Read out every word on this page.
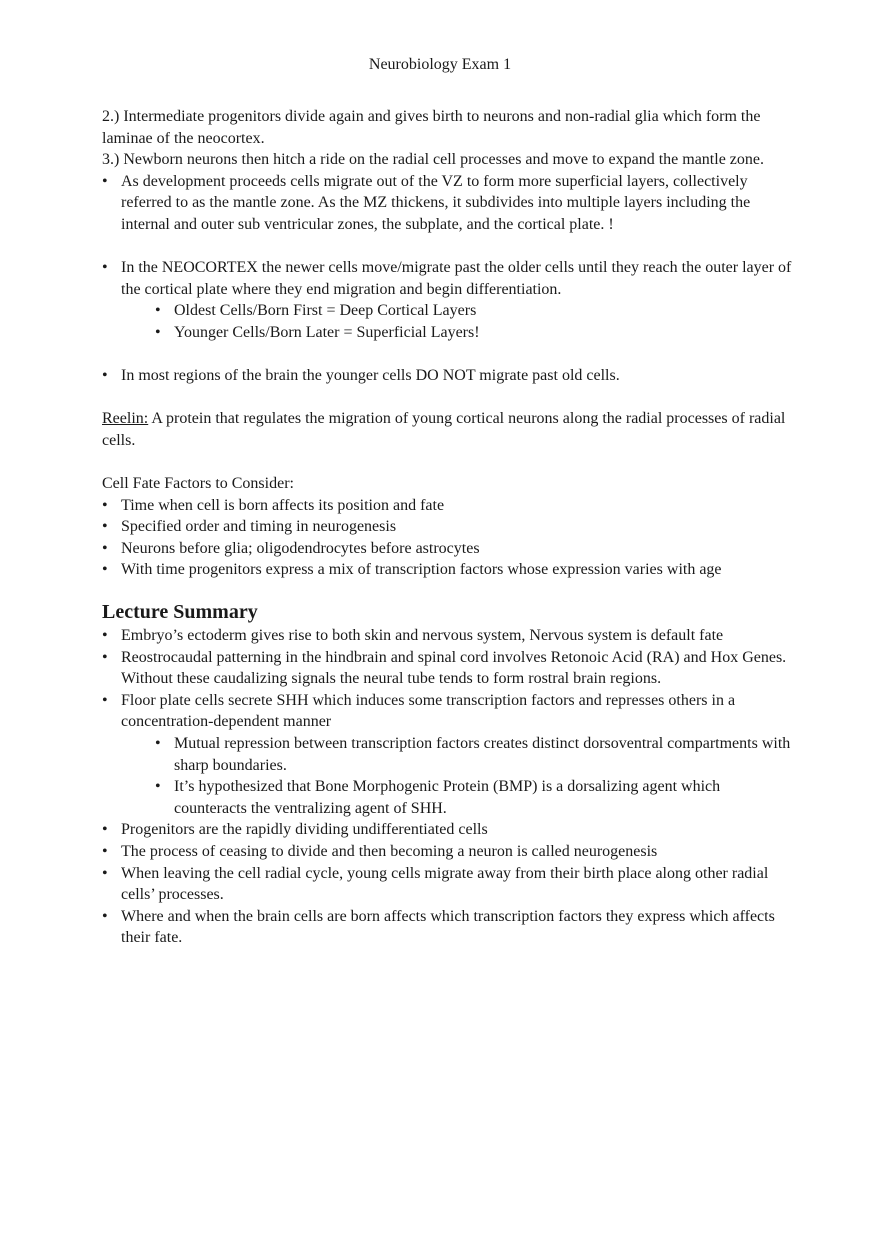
Neurobiology Exam 1

2.) Intermediate progenitors divide again and gives birth to neurons and non-radial glia which form the laminae of the neocortex.

3.) Newborn neurons then hitch a ride on the radial cell processes and move to expand the mantle zone.

• As development proceeds cells migrate out of the VZ to form more superficial layers, collectively referred to as the mantle zone. As the MZ thickens, it subdivides into multiple layers including the internal and outer sub ventricular zones, the subplate, and the cortical plate. !
• In the NEOCORTEX the newer cells move/migrate past the older cells until they reach the outer layer of the cortical plate where they end migration and begin differentiation.
• Oldest Cells/Born First = Deep Cortical Layers
• Younger Cells/Born Later = Superficial Layers!
• In most regions of the brain the younger cells DO NOT migrate past old cells.

Reelin: A protein that regulates the migration of young cortical neurons along the radial processes of radial cells.

Cell Fate Factors to Consider:

• Time when cell is born affects its position and fate
• Specified order and timing in neurogenesis
• Neurons before glia; oligodendrocytes before astrocytes
• With time progenitors express a mix of transcription factors whose expression varies with age
Lecture Summary
• Embryo’s ectoderm gives rise to both skin and nervous system, Nervous system is default fate
• Reostrocaudal patterning in the hindbrain and spinal cord involves Retonoic Acid (RA) and Hox Genes. Without these caudalizing signals the neural tube tends to form rostral brain regions.
• Floor plate cells secrete SHH which induces some transcription factors and represses others in a concentration-dependent manner
• Mutual repression between transcription factors creates distinct dorsoventral compartments with sharp boundaries.
• It’s hypothesized that Bone Morphogenic Protein (BMP) is a dorsalizing agent which counteracts the ventralizing agent of SHH.
• Progenitors are the rapidly dividing undifferentiated cells
• The process of ceasing to divide and then becoming a neuron is called neurogenesis
• When leaving the cell radial cycle, young cells migrate away from their birth place along other radial cells’ processes.
• Where and when the brain cells are born affects which transcription factors they express which affects their fate.
